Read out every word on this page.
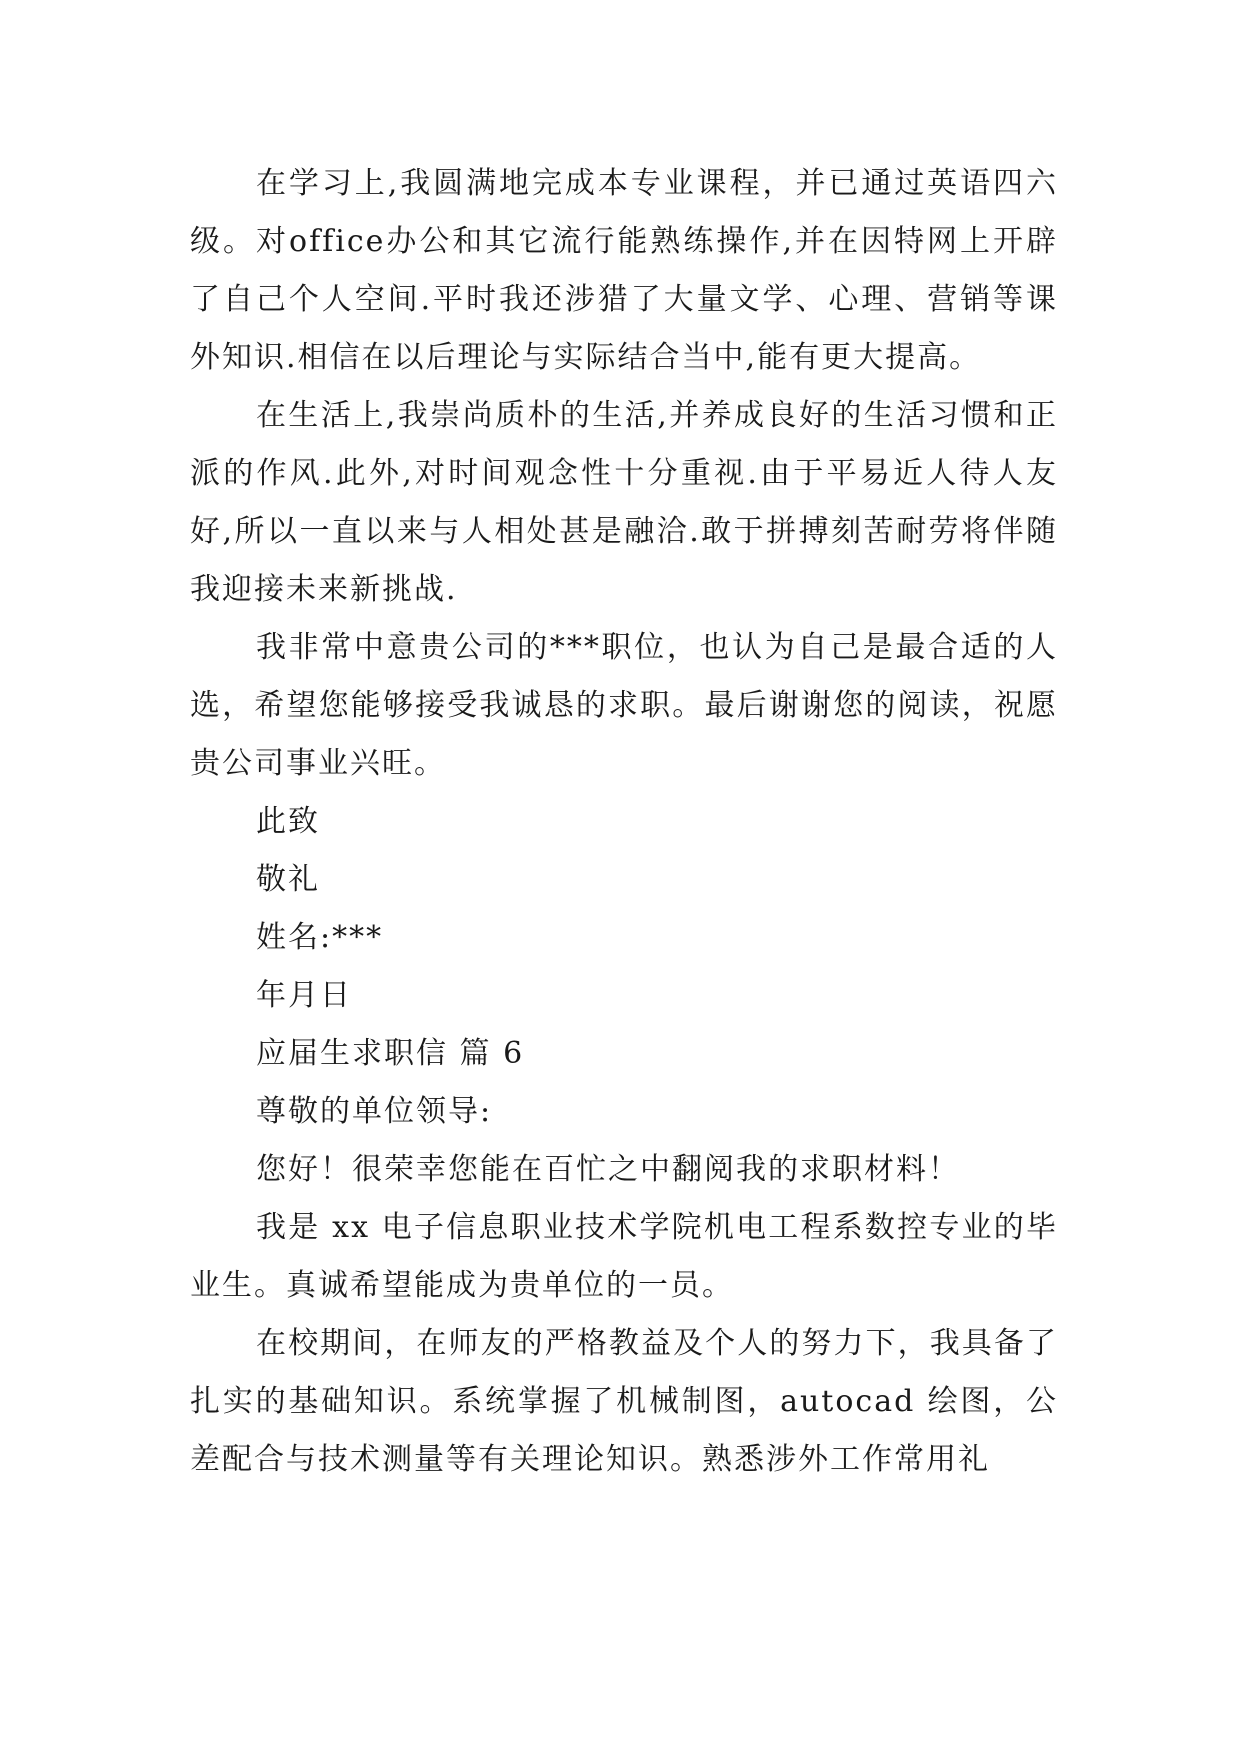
在学习上,我圆满地完成本专业课程，并已通过英语四六级。对office办公和其它流行能熟练操作,并在因特网上开辟了自己个人空间.平时我还涉猎了大量文学、心理、营销等课外知识.相信在以后理论与实际结合当中,能有更大提高。

在生活上,我崇尚质朴的生活,并养成良好的生活习惯和正派的作风.此外,对时间观念性十分重视.由于平易近人待人友好,所以一直以来与人相处甚是融洽.敢于拼搏刻苦耐劳将伴随我迎接未来新挑战.

我非常中意贵公司的***职位，也认为自己是最合适的人选，希望您能够接受我诚恳的求职。最后谢谢您的阅读，祝愿贵公司事业兴旺。

此致

敬礼

姓名:***

年月日

应届生求职信 篇 6

尊敬的单位领导:

您好！很荣幸您能在百忙之中翻阅我的求职材料！

我是 xx 电子信息职业技术学院机电工程系数控专业的毕业生。真诚希望能成为贵单位的一员。

在校期间，在师友的严格教益及个人的努力下，我具备了扎实的基础知识。系统掌握了机械制图，autocad 绘图，公差配合与技术测量等有关理论知识。熟悉涉外工作常用礼
